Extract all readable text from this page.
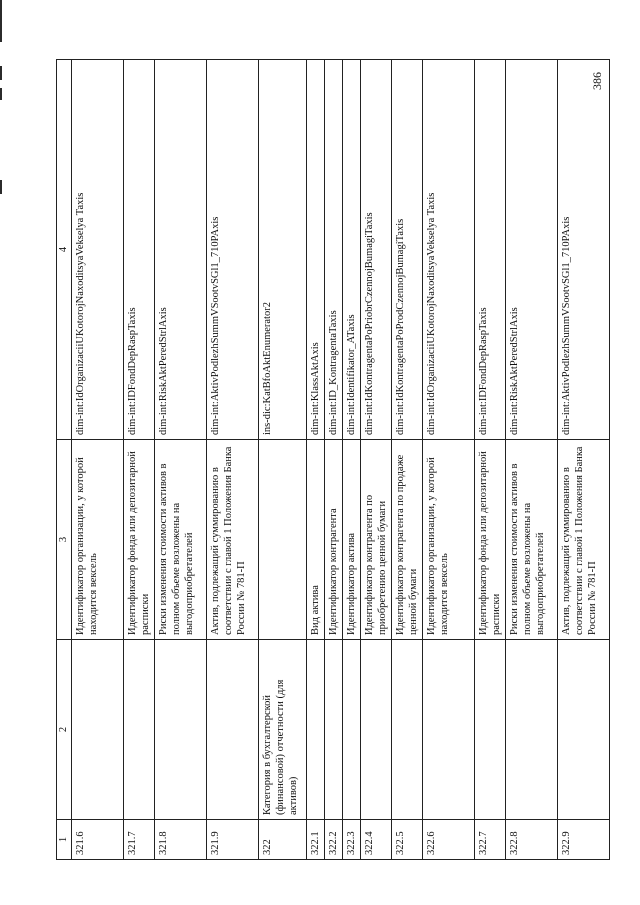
386
1	2	3	4
321.6		Идентификатор организации, у которой находится вексель	dim-int:IdOrganizaciiUKotorojNaxoditsyaVekselya Taxis
321.7		Идентификатор фонда или депозитарной расписки	dim-int:IDFondDepRaspTaxis
321.8		Риски изменения стоимости активов в полном объеме возложены на выгодоприобретателей	dim-int:RiskAktPeredStrlAxis
321.9		Актив, подлежащий суммированию в соответствии с главой 1 Положения Банка России № 781-П	dim-int:AktivPodlezhSummVSootvSGl1_710PAxis
322	Категория в бухгалтерской (финансовой) отчетности (для активов)		ins-dic:KatBfoAktEnumerator2
322.1		Вид актива	dim-int:KlassAktAxis
322.2		Идентификатор контрагента	dim-int:ID_KontragentaTaxis
322.3		Идентификатор актива	dim-int:Identifikator_ATaxis
322.4		Идентификатор контрагента по приобретению ценной бумаги	dim-int:IdKontragentaPoPriobrCzennojBumagiTaxis
322.5		Идентификатор контрагента по продаже ценной бумаги	dim-int:IdKontragentaPoProdCzennojBumagiTaxis
322.6		Идентификатор организации, у которой находится вексель	dim-int:IdOrganizaciiUKotorojNaxoditsyaVekselya Taxis
322.7		Идентификатор фонда или депозитарной расписки	dim-int:IDFondDepRaspTaxis
322.8		Риски изменения стоимости активов в полном объеме возложены на выгодоприобретателей	dim-int:RiskAktPeredStrlAxis
322.9		Актив, подлежащий суммированию в соответствии с главой 1 Положения Банка России № 781-П	dim-int:AktivPodlezhSummVSootvSGl1_710PAxis
